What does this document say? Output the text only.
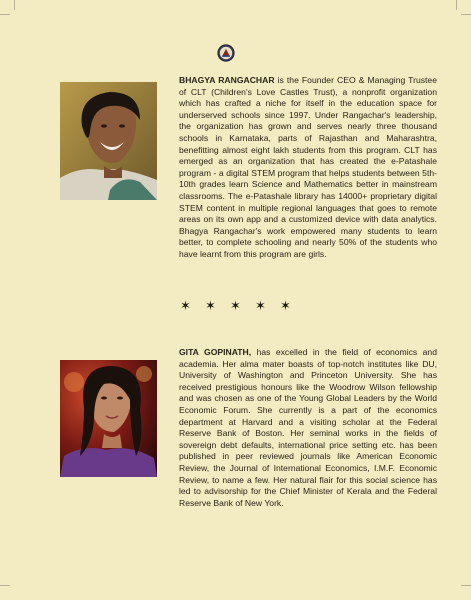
BHAGYA RANGACHAR is the Founder CEO & Managing Trustee of CLT (Children's Love Castles Trust), a nonprofit organization which has crafted a niche for itself in the education space for underserved schools since 1997. Under Rangachar's leadership, the organization has grown and serves nearly three thousand schools in Karnataka, parts of Rajasthan and Maharashtra, benefitting almost eight lakh students from this program. CLT has emerged as an organization that has created the e-Patashale program - a digital STEM program that helps students between 5th-10th grades learn Science and Mathematics better in mainstream classrooms. The e-Patashale library has 14000+ proprietary digital STEM content in multiple regional languages that goes to remote areas on its own app and a customized device with data analytics. Bhagya Rangachar's work empowered many students to learn better, to complete schooling and nearly 50% of the students who have learnt from this program are girls.

✶ ✶ ✶ ✶ ✶

GITA GOPINATH, has excelled in the field of economics and academia. Her alma mater boasts of top-notch institutes like DU, University of Washington and Princeton University. She has received prestigious honours like the Woodrow Wilson fellowship and was chosen as one of the Young Global Leaders by the World Economic Forum. She currently is a part of the economics department at Harvard and a visiting scholar at the Federal Reserve Bank of Boston. Her seminal works in the fields of sovereign debt defaults, international price setting etc. has been published in peer reviewed journals like American Economic Review, the Journal of International Economics, I.M.F. Economic Review, to name a few. Her natural flair for this social science has led to advisorship for the Chief Minister of Kerala and the Federal Reserve Bank of New York.
